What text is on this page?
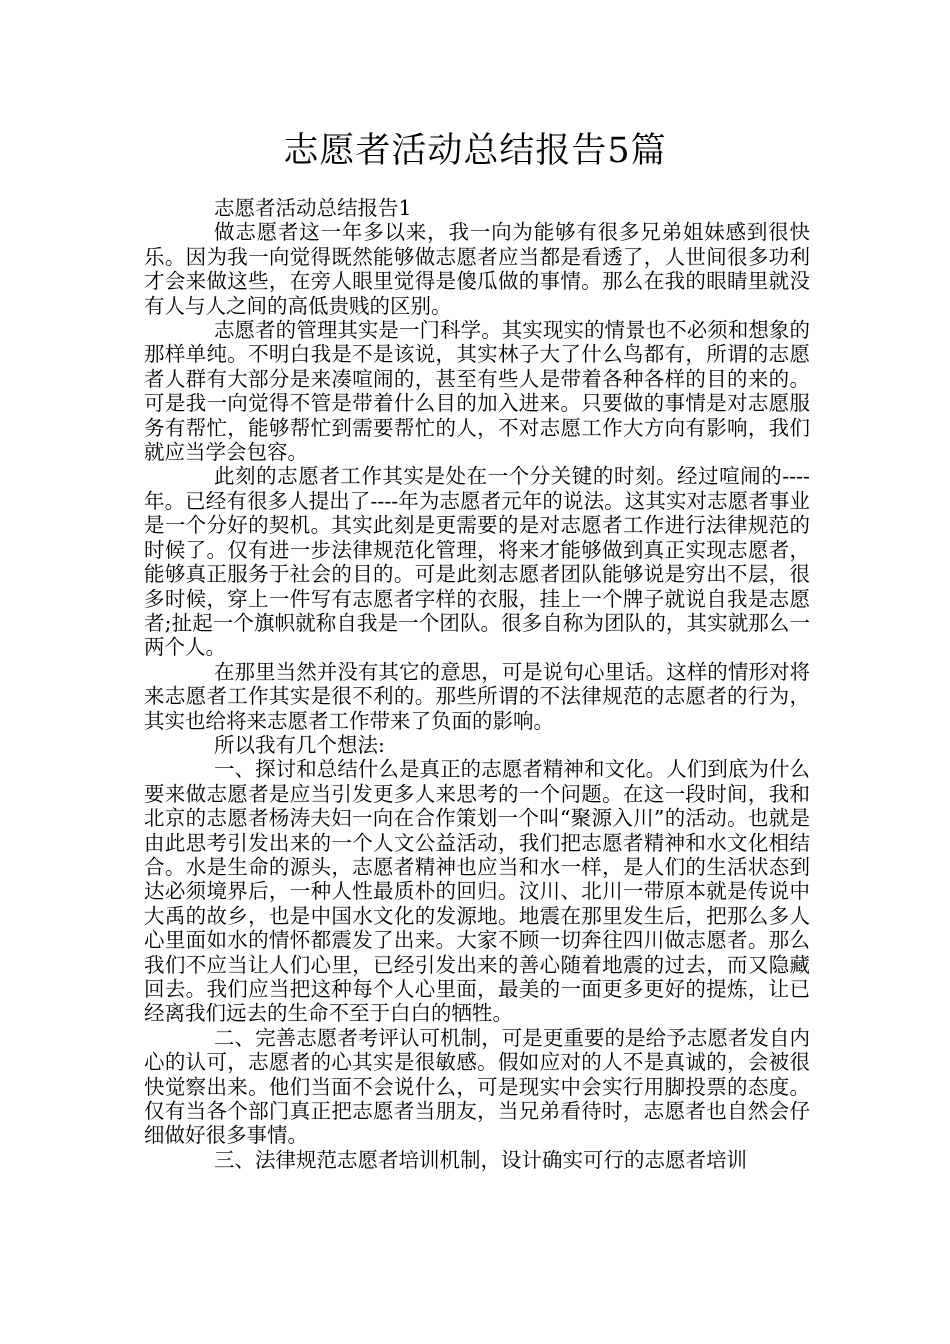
志愿者活动总结报告5篇

志愿者活动总结报告1

做志愿者这一年多以来，我一向为能够有很多兄弟姐妹感到很快乐。因为我一向觉得既然能够做志愿者应当都是看透了，人世间很多功利才会来做这些，在旁人眼里觉得是傻瓜做的事情。那么在我的眼睛里就没有人与人之间的高低贵贱的区别。

志愿者的管理其实是一门科学。其实现实的情景也不必须和想象的那样单纯。不明白我是不是该说，其实林子大了什么鸟都有，所谓的志愿者人群有大部分是来凑喧闹的，甚至有些人是带着各种各样的目的来的。可是我一向觉得不管是带着什么目的加入进来。只要做的事情是对志愿服务有帮忙，能够帮忙到需要帮忙的人，不对志愿工作大方向有影响，我们就应当学会包容。

此刻的志愿者工作其实是处在一个分关键的时刻。经过喧闹的----年。已经有很多人提出了----年为志愿者元年的说法。这其实对志愿者事业是一个分好的契机。其实此刻是更需要的是对志愿者工作进行法律规范的时候了。仅有进一步法律规范化管理，将来才能够做到真正实现志愿者，能够真正服务于社会的目的。可是此刻志愿者团队能够说是穷出不层，很多时候，穿上一件写有志愿者字样的衣服，挂上一个牌子就说自我是志愿者;扯起一个旗帜就称自我是一个团队。很多自称为团队的，其实就那么一两个人。

在那里当然并没有其它的意思，可是说句心里话。这样的情形对将来志愿者工作其实是很不利的。那些所谓的不法律规范的志愿者的行为，其实也给将来志愿者工作带来了负面的影响。

所以我有几个想法:

一、探讨和总结什么是真正的志愿者精神和文化。人们到底为什么要来做志愿者是应当引发更多人来思考的一个问题。在这一段时间，我和北京的志愿者杨涛夫妇一向在合作策划一个叫“聚源入川”的活动。也就是由此思考引发出来的一个人文公益活动，我们把志愿者精神和水文化相结合。水是生命的源头，志愿者精神也应当和水一样，是人们的生活状态到达必须境界后，一种人性最质朴的回归。汶川、北川一带原本就是传说中大禹的故乡，也是中国水文化的发源地。地震在那里发生后，把那么多人心里面如水的情怀都震发了出来。大家不顾一切奔往四川做志愿者。那么我们不应当让人们心里，已经引发出来的善心随着地震的过去，而又隐藏回去。我们应当把这种每个人心里面，最美的一面更多更好的提炼，让已经离我们远去的生命不至于白白的牺牲。

二、完善志愿者考评认可机制，可是更重要的是给予志愿者发自内心的认可，志愿者的心其实是很敏感。假如应对的人不是真诚的，会被很快觉察出来。他们当面不会说什么，可是现实中会实行用脚投票的态度。仅有当各个部门真正把志愿者当朋友，当兄弟看待时，志愿者也自然会仔细做好很多事情。

三、法律规范志愿者培训机制，设计确实可行的志愿者培训
